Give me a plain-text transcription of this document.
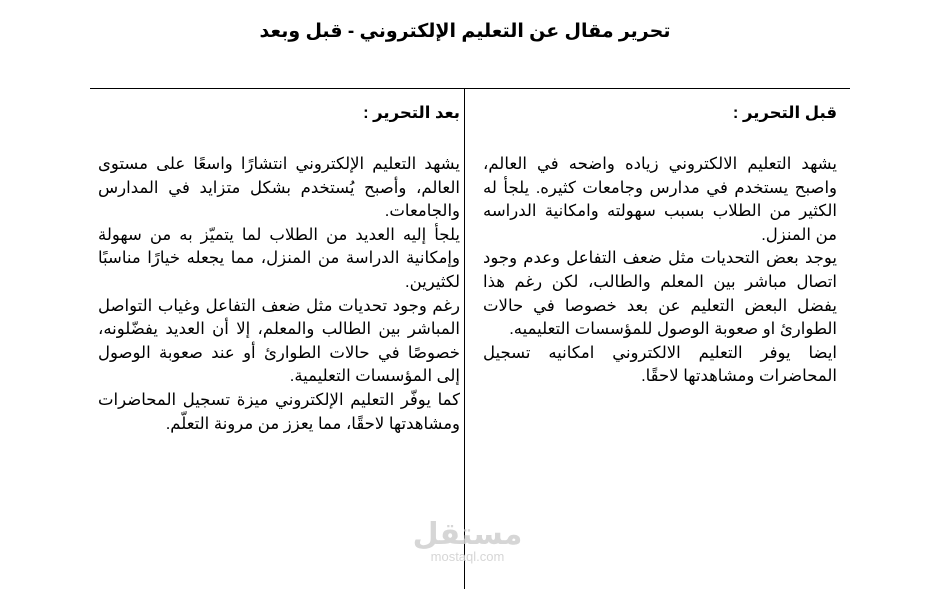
تحرير مقال عن التعليم الإلكتروني - قبل وبعد
قبل التحرير :

يشهد التعليم الالكتروني زياده واضحه في العالم، واصبح يستخدم في مدارس وجامعات كثيره. يلجأ له الكثير من الطلاب بسبب سهولته وامكانية الدراسه من المنزل.

يوجد بعض التحديات مثل ضعف التفاعل وعدم وجود اتصال مباشر بين المعلم والطالب، لكن رغم هذا يفضل البعض التعليم عن بعد خصوصا في حالات الطوارئ او صعوبة الوصول للمؤسسات التعليميه.

ايضا يوفر التعليم الالكتروني امكانيه تسجيل المحاضرات ومشاهدتها لاحقًا.

بعد التحرير :

يشهد التعليم الإلكتروني انتشارًا واسعًا على مستوى العالم، وأصبح يُستخدم بشكل متزايد في المدارس والجامعات.

يلجأ إليه العديد من الطلاب لما يتميّز به من سهولة وإمكانية الدراسة من المنزل، مما يجعله خيارًا مناسبًا لكثيرين.

رغم وجود تحديات مثل ضعف التفاعل وغياب التواصل المباشر بين الطالب والمعلم، إلا أن العديد يفضّلونه، خصوصًا في حالات الطوارئ أو عند صعوبة الوصول إلى المؤسسات التعليمية.

كما يوفّر التعليم الإلكتروني ميزة تسجيل المحاضرات ومشاهدتها لاحقًا، مما يعزز من مرونة التعلّم.

مستقل
mostaql.com
